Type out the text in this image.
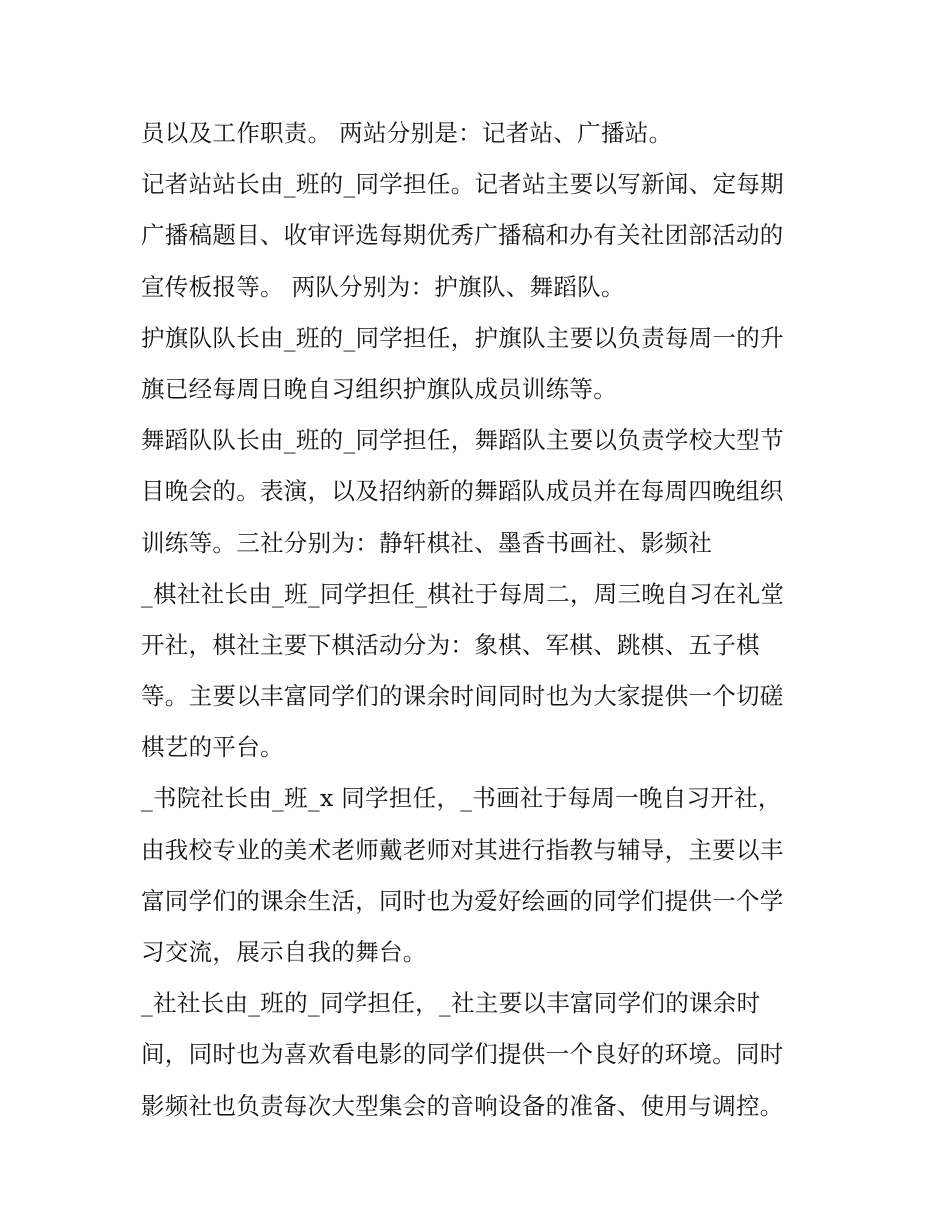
员以及工作职责。 两站分别是：记者站、广播站。
记者站站长由_班的_同学担任。记者站主要以写新闻、定每期
广播稿题目、收审评选每期优秀广播稿和办有关社团部活动的
宣传板报等。 两队分别为：护旗队、舞蹈队。
护旗队队长由_班的_同学担任，护旗队主要以负责每周一的升
旗已经每周日晚自习组织护旗队成员训练等。
舞蹈队队长由_班的_同学担任，舞蹈队主要以负责学校大型节
目晚会的。表演，以及招纳新的舞蹈队成员并在每周四晚组织
训练等。三社分别为：静轩棋社、墨香书画社、影频社
_棋社社长由_班_同学担任_棋社于每周二，周三晚自习在礼堂
开社，棋社主要下棋活动分为：象棋、军棋、跳棋、五子棋
等。主要以丰富同学们的课余时间同时也为大家提供一个切磋
棋艺的平台。
_书院社长由_班_x 同学担任，_书画社于每周一晚自习开社，
由我校专业的美术老师戴老师对其进行指教与辅导，主要以丰
富同学们的课余生活，同时也为爱好绘画的同学们提供一个学
习交流，展示自我的舞台。
_社社长由_班的_同学担任，_社主要以丰富同学们的课余时
间，同时也为喜欢看电影的同学们提供一个良好的环境。同时
影频社也负责每次大型集会的音响设备的准备、使用与调控。
